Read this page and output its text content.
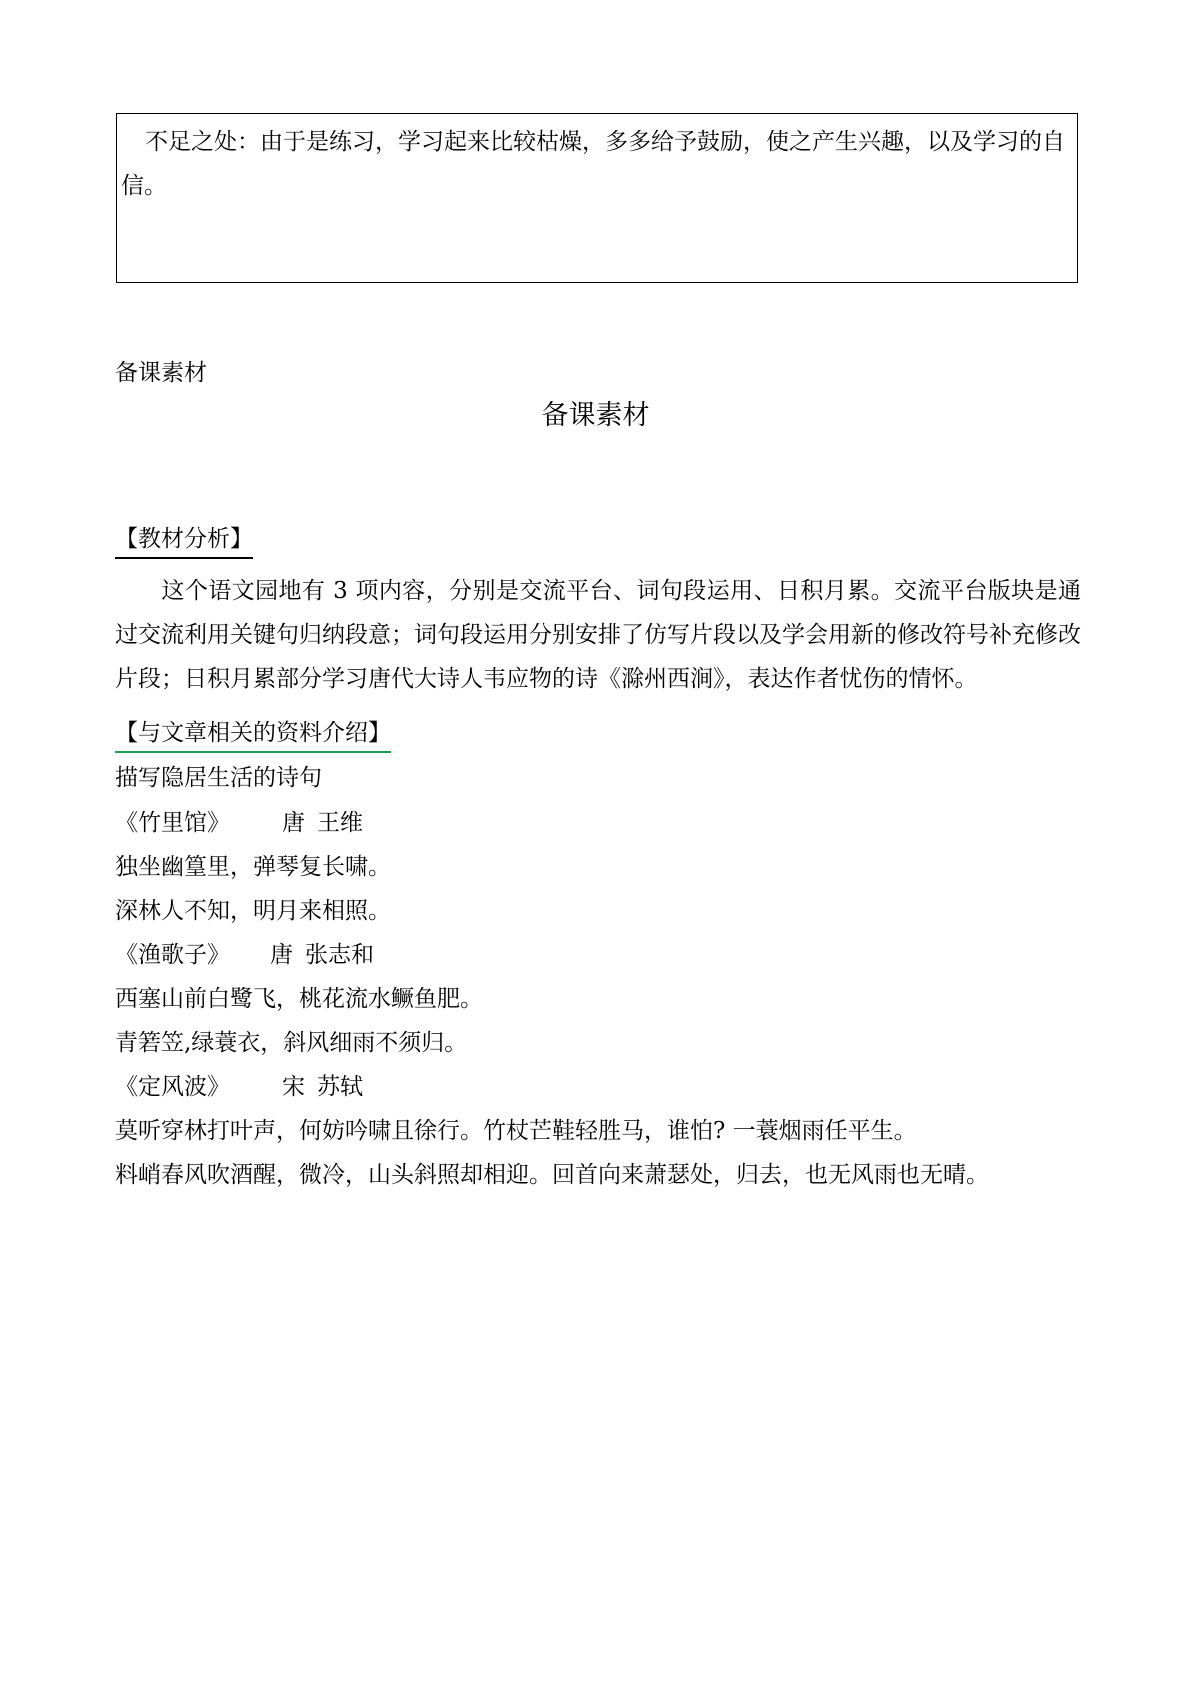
不足之处：由于是练习，学习起来比较枯燥，多多给予鼓励，使之产生兴趣，以及学习的自信。
备课素材
备课素材
【教材分析】
这个语文园地有 3 项内容，分别是交流平台、词句段运用、日积月累。交流平台版块是通过交流利用关键句归纳段意；词句段运用分别安排了仿写片段以及学会用新的修改符号补充修改片段；日积月累部分学习唐代大诗人韦应物的诗《滁州西涧》，表达作者忧伤的情怀。
【与文章相关的资料介绍】
描写隐居生活的诗句
《竹里馆》 唐 王维
独坐幽篁里，弹琴复长啸。
深林人不知，明月来相照。
《渔歌子》 唐 张志和
西塞山前白鹭飞，桃花流水鳜鱼肥。
青箬笠,绿蓑衣，斜风细雨不须归。
《定风波》 宋 苏轼
莫听穿林打叶声，何妨吟啸且徐行。竹杖芒鞋轻胜马，谁怕? 一蓑烟雨任平生。
料峭春风吹酒醒，微冷，山头斜照却相迎。回首向来萧瑟处，归去，也无风雨也无晴。
